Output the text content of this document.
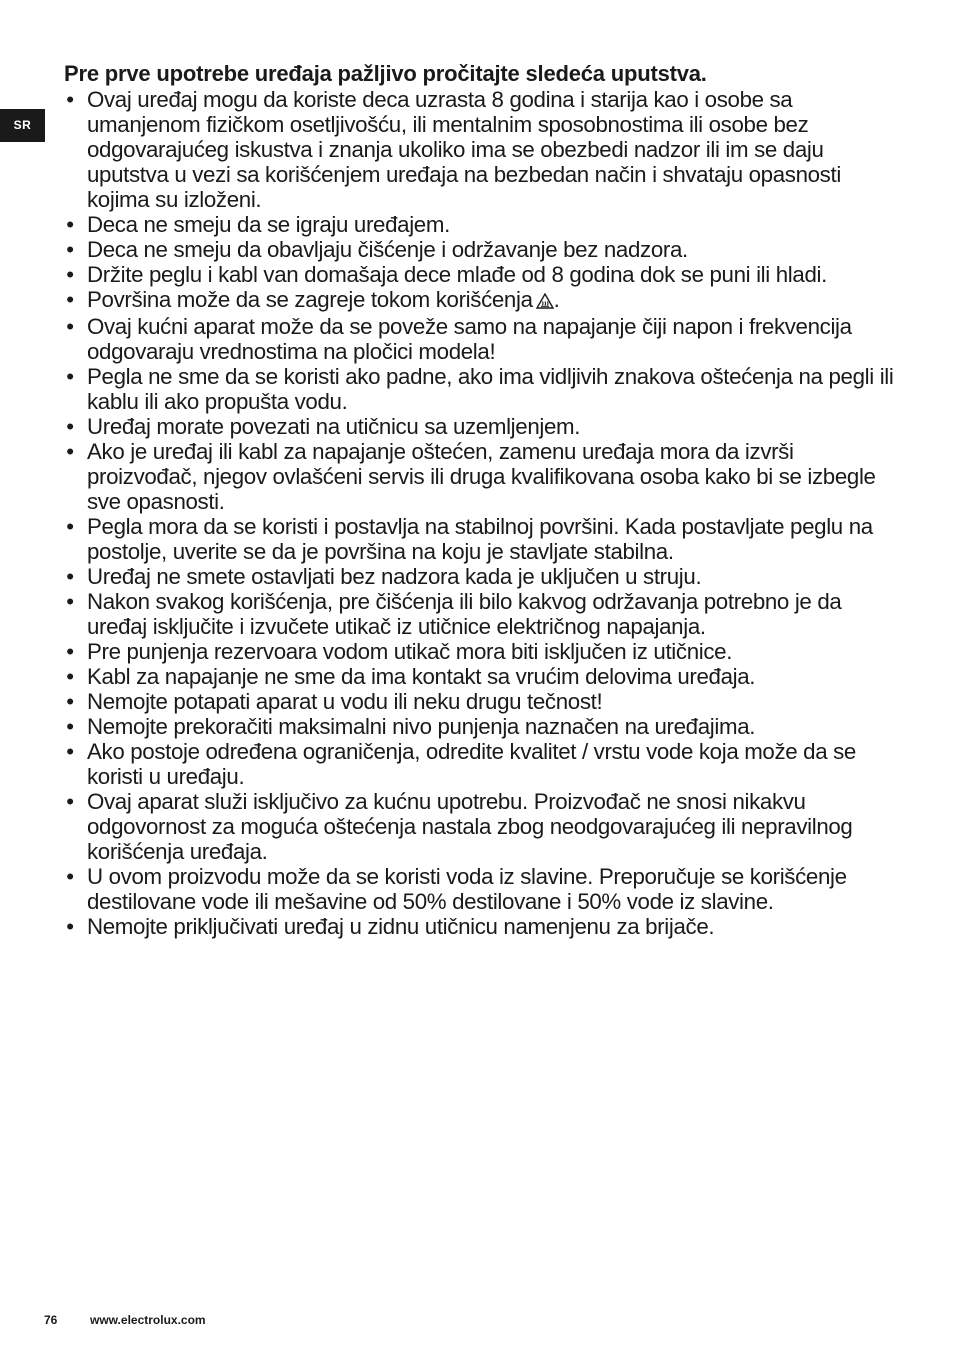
SR
Pre prve upotrebe uređaja pažljivo pročitajte sledeća uputstva.
• Ovaj uređaj mogu da koriste deca uzrasta 8 godina i starija kao i osobe sa umanjenom fizičkom osetljivošću, ili mentalnim sposobnostima ili osobe bez odgovarajućeg iskustva i znanja ukoliko ima se obezbedi nadzor ili im se daju uputstva u vezi sa korišćenjem uređaja na bezbedan način i shvataju opasnosti kojima su izloženi.
• Deca ne smeju da se igraju uređajem.
• Deca ne smeju da obavljaju čišćenje i održavanje bez nadzora.
• Držite peglu i kabl van domašaja dece mlađe od 8 godina dok se puni ili hladi.
• Površina može da se zagreje tokom korišćenja .
• Ovaj kućni aparat može da se poveže samo na napajanje čiji napon i frekvencija odgovaraju vrednostima na pločici modela!
• Pegla ne sme da se koristi ako padne, ako ima vidljivih znakova oštećenja na pegli ili kablu ili ako propušta vodu.
• Uređaj morate povezati na utičnicu sa uzemljenjem.
• Ako je uređaj ili kabl za napajanje oštećen, zamenu uređaja mora da izvrši proizvođač, njegov ovlašćeni servis ili druga kvalifikovana osoba kako bi se izbegle sve opasnosti.
• Pegla mora da se koristi i postavlja na stabilnoj površini. Kada postavljate peglu na postolje, uverite se da je površina na koju je stavljate stabilna.
• Uređaj ne smete ostavljati bez nadzora kada je uključen u struju.
• Nakon svakog korišćenja, pre čišćenja ili bilo kakvog održavanja potrebno je da uređaj isključite i izvučete utikač iz utičnice električnog napajanja.
• Pre punjenja rezervoara vodom utikač mora biti isključen iz utičnice.
• Kabl za napajanje ne sme da ima kontakt sa vrućim delovima uređaja.
• Nemojte potapati aparat u vodu ili neku drugu tečnost!
• Nemojte prekoračiti maksimalni nivo punjenja naznačen na uređajima.
• Ako postoje određena ograničenja, odredite kvalitet / vrstu vode koja može da se koristi u uređaju.
• Ovaj aparat služi isključivo za kućnu upotrebu. Proizvođač ne snosi nikakvu odgovornost za moguća oštećenja nastala zbog neodgovarajućeg ili nepravilnog korišćenja uređaja.
• U ovom proizvodu može da se koristi voda iz slavine. Preporučuje se korišćenje destilovane vode ili mešavine od 50% destilovane i 50% vode iz slavine.
• Nemojte priključivati uređaj u zidnu utičnicu namenjenu za brijače.
76	www.electrolux.com
